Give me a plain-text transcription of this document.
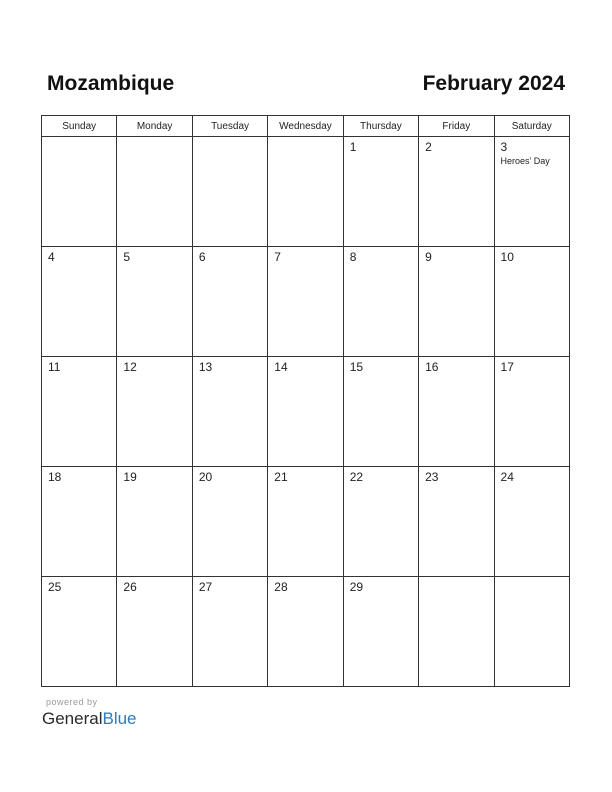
Mozambique	February 2024
Sunday	Monday	Tuesday	Wednesday	Thursday	Friday	Saturday

				1	2	3
Heroes’ Day

4	5	6	7	8	9	10

11	12	13	14	15	16	17

18	19	20	21	22	23	24

25	26	27	28	29		

powered by
GeneralBlue
